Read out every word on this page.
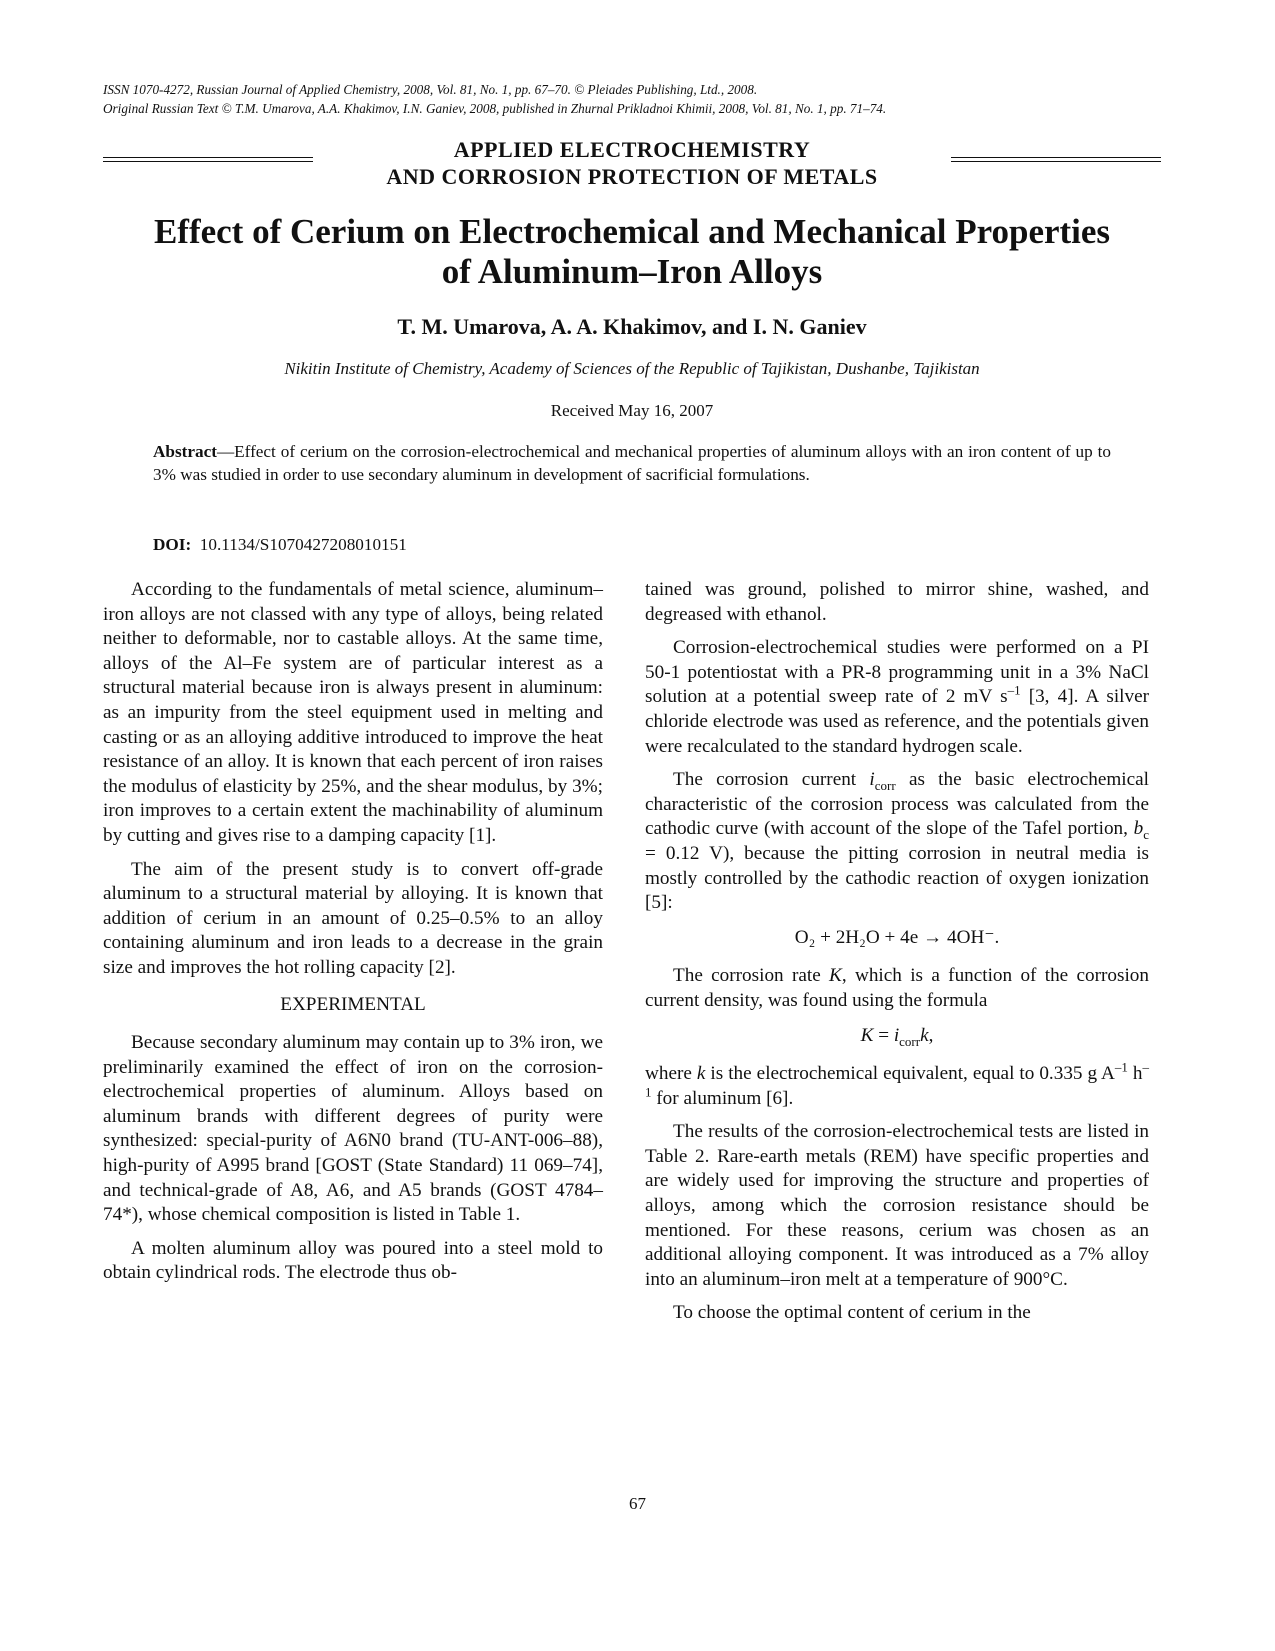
ISSN 1070-4272, Russian Journal of Applied Chemistry, 2008, Vol. 81, No. 1, pp. 67–70. © Pleiades Publishing, Ltd., 2008.
Original Russian Text © T.M. Umarova, A.A. Khakimov, I.N. Ganiev, 2008, published in Zhurnal Prikladnoi Khimii, 2008, Vol. 81, No. 1, pp. 71–74.
APPLIED ELECTROCHEMISTRY
AND CORROSION PROTECTION OF METALS
Effect of Cerium on Electrochemical and Mechanical Properties
of Aluminum–Iron Alloys
T. M. Umarova, A. A. Khakimov, and I. N. Ganiev
Nikitin Institute of Chemistry, Academy of Sciences of the Republic of Tajikistan, Dushanbe, Tajikistan
Received May 16, 2007
Abstract—Effect of cerium on the corrosion-electrochemical and mechanical properties of aluminum alloys with an iron content of up to 3% was studied in order to use secondary aluminum in development of sacrificial formulations.
DOI: 10.1134/S1070427208010151

According to the fundamentals of metal science, aluminum–iron alloys are not classed with any type of alloys, being related neither to deformable, nor to castable alloys. At the same time, alloys of the Al–Fe system are of particular interest as a structural material because iron is always present in aluminum: as an impurity from the steel equipment used in melting and casting or as an alloying additive introduced to improve the heat resistance of an alloy. It is known that each percent of iron raises the modulus of elasticity by 25%, and the shear modulus, by 3%; iron improves to a certain extent the machinability of aluminum by cutting and gives rise to a damping capacity [1].

The aim of the present study is to convert off-grade aluminum to a structural material by alloying. It is known that addition of cerium in an amount of 0.25–0.5% to an alloy containing aluminum and iron leads to a decrease in the grain size and improves the hot rolling capacity [2].

EXPERIMENTAL

Because secondary aluminum may contain up to 3% iron, we preliminarily examined the effect of iron on the corrosion-electrochemical properties of aluminum. Alloys based on aluminum brands with different degrees of purity were synthesized: special-purity of A6N0 brand (TU-ANT-006–88), high-purity of A995 brand [GOST (State Standard) 11 069–74], and technical-grade of A8, A6, and A5 brands (GOST 4784–74*), whose chemical composition is listed in Table 1.

A molten aluminum alloy was poured into a steel mold to obtain cylindrical rods. The electrode thus ob-

tained was ground, polished to mirror shine, washed, and degreased with ethanol.

Corrosion-electrochemical studies were performed on a PI 50-1 potentiostat with a PR-8 programming unit in a 3% NaCl solution at a potential sweep rate of 2 mV $s^{-1}$ [3, 4]. A silver chloride electrode was used as reference, and the potentials given were recalculated to the standard hydrogen scale.

The corrosion current $i_{corr}$ as the basic electrochemical characteristic of the corrosion process was calculated from the cathodic curve (with account of the slope of the Tafel portion, $b_c = 0.12$ V), because the pitting corrosion in neutral media is mostly controlled by the cathodic reaction of oxygen ionization [5]:

O₂ + 2H₂O + 4e → 4OH⁻.

The corrosion rate K, which is a function of the corrosion current density, was found using the formula

$K = i_{corr}k$,

where k is the electrochemical equivalent, equal to 0.335 g $A^{-1}$ $h^{-1}$ for aluminum [6].

The results of the corrosion-electrochemical tests are listed in Table 2. Rare-earth metals (REM) have specific properties and are widely used for improving the structure and properties of alloys, among which the corrosion resistance should be mentioned. For these reasons, cerium was chosen as an additional alloying component. It was introduced as a 7% alloy into an aluminum–iron melt at a temperature of 900°C.

To choose the optimal content of cerium in the

67
